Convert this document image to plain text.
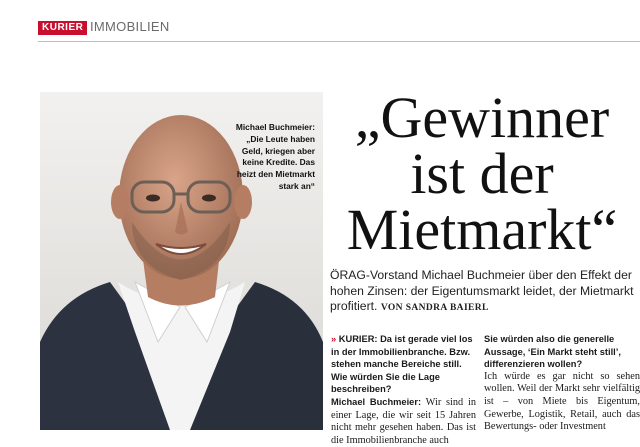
KURIER IMMOBILIEN
Michael Buchmeier: „Die Leute haben Geld, kriegen aber keine Kredite. Das heizt den Mietmarkt stark an“
„Gewinner
ist der
Mietmarkt“
ÖRAG-Vorstand Michael Buchmeier über den Effekt der hohen Zinsen: der Eigentumsmarkt leidet, der Mietmarkt profitiert. VON SANDRA BAIERL
» KURIER: Da ist gerade viel los in der Immobilienbranche. Bzw. stehen manche Bereiche still. Wie würden Sie die Lage beschreiben?
Michael Buchmeier: Wir sind in einer Lage, die wir seit 15 Jahren nicht mehr gesehen haben. Das ist die Immobilienbranche auch
Sie würden also die generelle Aussage, ‘Ein Markt steht still’, differenzieren wollen?
Ich würde es gar nicht so sehen wollen. Weil der Markt sehr vielfältig ist – von Miete bis Eigentum, Gewerbe, Logistik, Retail, auch das Bewertungs- oder Investment
